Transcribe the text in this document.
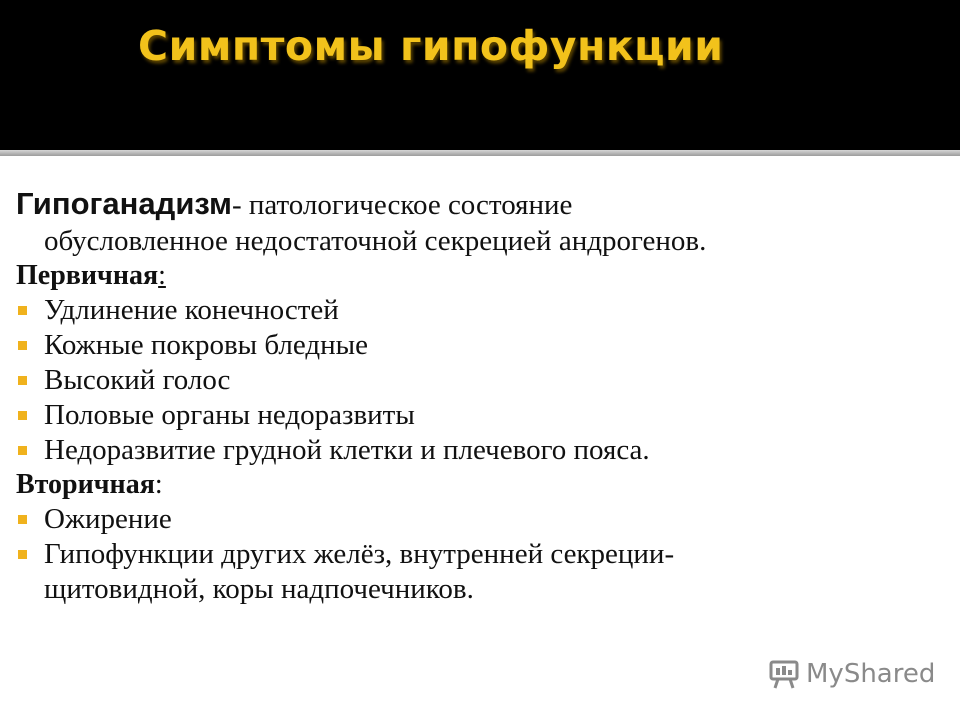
Симптомы гипофункции
Гипоганадизм- патологическое состояние
обусловленное недостаточной секрецией андрогенов.
Первичная:
Удлинение конечностей
Кожные покровы бледные
Высокий голос
Половые органы недоразвиты
Недоразвитие грудной клетки и плечевого пояса.
Вторичная:
Ожирение
Гипофункции других желёз, внутренней секреции-
щитовидной, коры надпочечников.
MyShared
